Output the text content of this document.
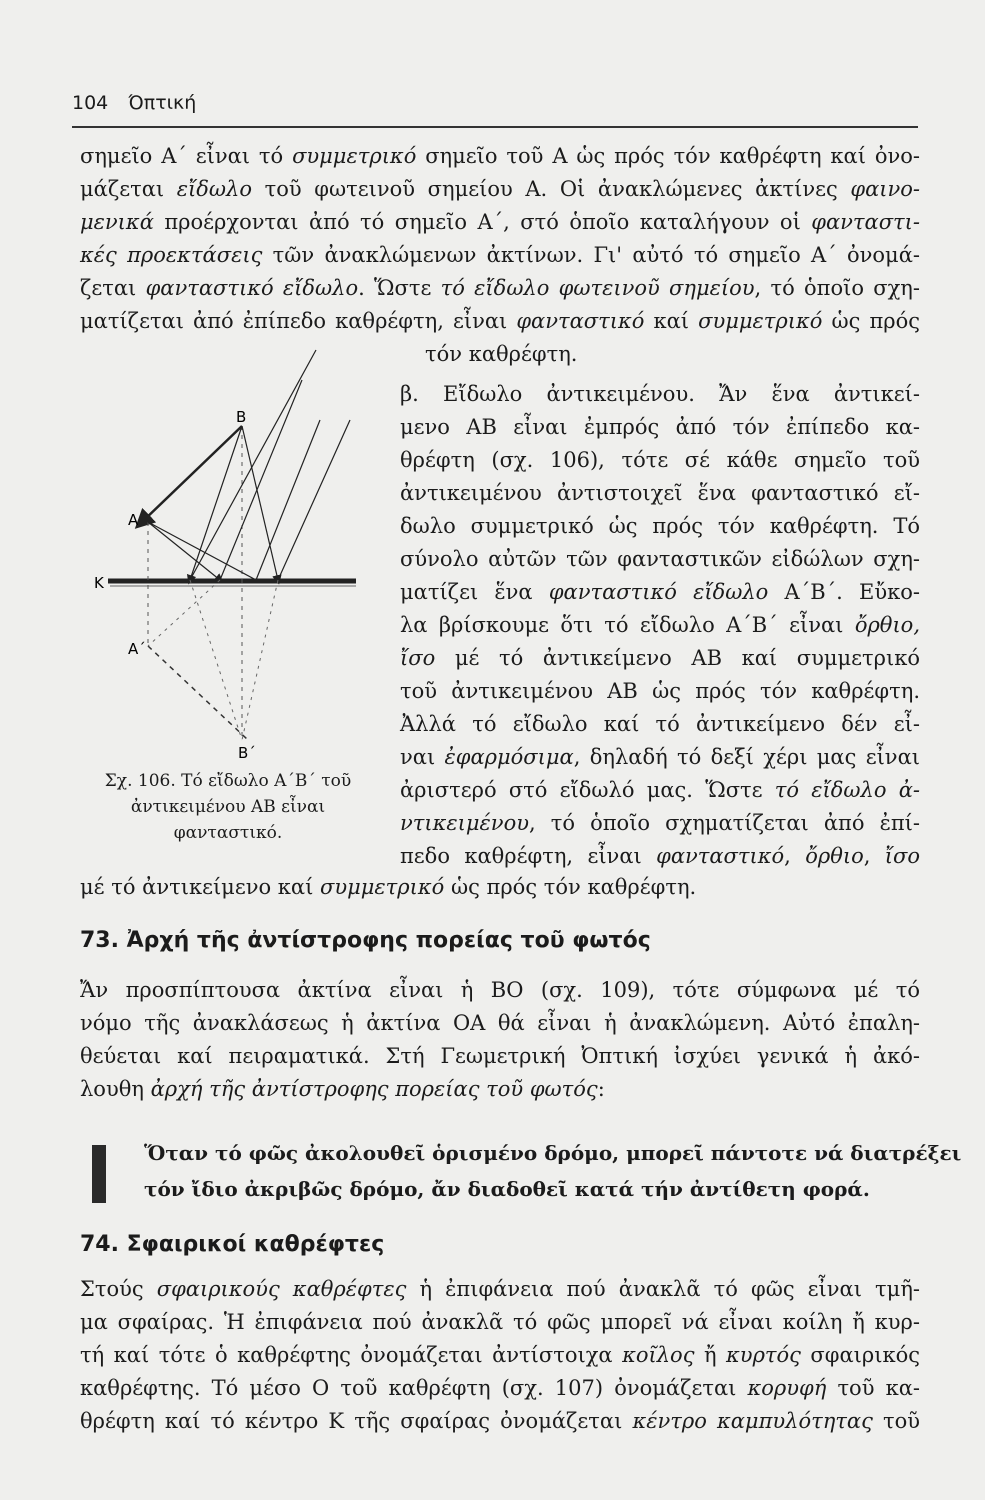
104 Όπτική
σημεῖο Α΄ εἶναι τό συμμετρικό σημεῖο τοῦ Α ὡς πρός τόν καθρέφτη καί ὀνο-
μάζεται εἴδωλο τοῦ φωτεινοῦ σημείου Α. Οἱ ἀνακλώμενες ἀκτίνες φαινο-
μενικά προέρχονται ἀπό τό σημεῖο Α΄, στό ὁποῖο καταλήγουν οἱ φανταστι-
κές προεκτάσεις τῶν ἀνακλώμενων ἀκτίνων. Γι' αὐτό τό σημεῖο Α΄ ὀνομά-
ζεται φανταστικό εἴδωλο. Ὥστε τό εἴδωλο φωτεινοῦ σημείου, τό ὁποῖο σχη-
ματίζεται ἀπό ἐπίπεδο καθρέφτη, εἶναι φανταστικό καί συμμετρικό ὡς πρός
τόν καθρέφτη.
β. Εἴδωλο ἀντικειμένου. Ἄν ἕνα ἀντικεί-
μενο ΑΒ εἶναι ἐμπρός ἀπό τόν ἐπίπεδο κα-
θρέφτη (σχ. 106), τότε σέ κάθε σημεῖο τοῦ
ἀντικειμένου ἀντιστοιχεῖ ἕνα φανταστικό εἴ-
δωλο συμμετρικό ὡς πρός τόν καθρέφτη. Τό
σύνολο αὐτῶν τῶν φανταστικῶν εἰδώλων σχη-
ματίζει ἕνα φανταστικό εἴδωλο Α΄Β΄. Εὔκο-
λα βρίσκουμε ὅτι τό εἴδωλο Α΄Β΄ εἶναι ὄρθιο,
ἴσο μέ τό ἀντικείμενο ΑΒ καί συμμετρικό
τοῦ ἀντικειμένου ΑΒ ὡς πρός τόν καθρέφτη.
Ἀλλά τό εἴδωλο καί τό ἀντικείμενο δέν εἶ-
ναι ἐφαρμόσιμα, δηλαδή τό δεξί χέρι μας εἶναι
ἀριστερό στό εἴδωλό μας. Ὥστε τό εἴδωλο ἀ-
ντικειμένου, τό ὁποῖο σχηματίζεται ἀπό ἐπί-
πεδο καθρέφτη, εἶναι φανταστικό, ὄρθιο, ἴσο
Β
Α
Κ
Α΄
Β΄
Σχ. 106. Τό εἴδωλο Α΄Β΄ τοῦ
ἀντικειμένου ΑΒ εἶναι
φανταστικό.
μέ τό ἀντικείμενο καί συμμετρικό ὡς πρός τόν καθρέφτη.
73. Ἀρχή τῆς ἀντίστροφης πορείας τοῦ φωτός
Ἄν προσπίπτουσα ἀκτίνα εἶναι ἡ ΒΟ (σχ. 109), τότε σύμφωνα μέ τό
νόμο τῆς ἀνακλάσεως ἡ ἀκτίνα ΟΑ θά εἶναι ἡ ἀνακλώμενη. Αὐτό ἐπαλη-
θεύεται καί πειραματικά. Στή Γεωμετρική Ὀπτική ἰσχύει γενικά ἡ ἀκό-
λουθη ἀρχή τῆς ἀντίστροφης πορείας τοῦ φωτός:
Ὅταν τό φῶς ἀκολουθεῖ ὁρισμένο δρόμο, μπορεῖ πάντοτε νά διατρέξει
τόν ἴδιο ἀκριβῶς δρόμο, ἄν διαδοθεῖ κατά τήν ἀντίθετη φορά.
74. Σφαιρικοί καθρέφτες
Στούς σφαιρικούς καθρέφτες ἡ ἐπιφάνεια πού ἀνακλᾶ τό φῶς εἶναι τμῆ-
μα σφαίρας. Ἡ ἐπιφάνεια πού ἀνακλᾶ τό φῶς μπορεῖ νά εἶναι κοίλη ἤ κυρ-
τή καί τότε ὁ καθρέφτης ὀνομάζεται ἀντίστοιχα κοῖλος ἤ κυρτός σφαιρικός
καθρέφτης. Τό μέσο Ο τοῦ καθρέφτη (σχ. 107) ὀνομάζεται κορυφή τοῦ κα-
θρέφτη καί τό κέντρο Κ τῆς σφαίρας ὀνομάζεται κέντρο καμπυλότητας τοῦ
